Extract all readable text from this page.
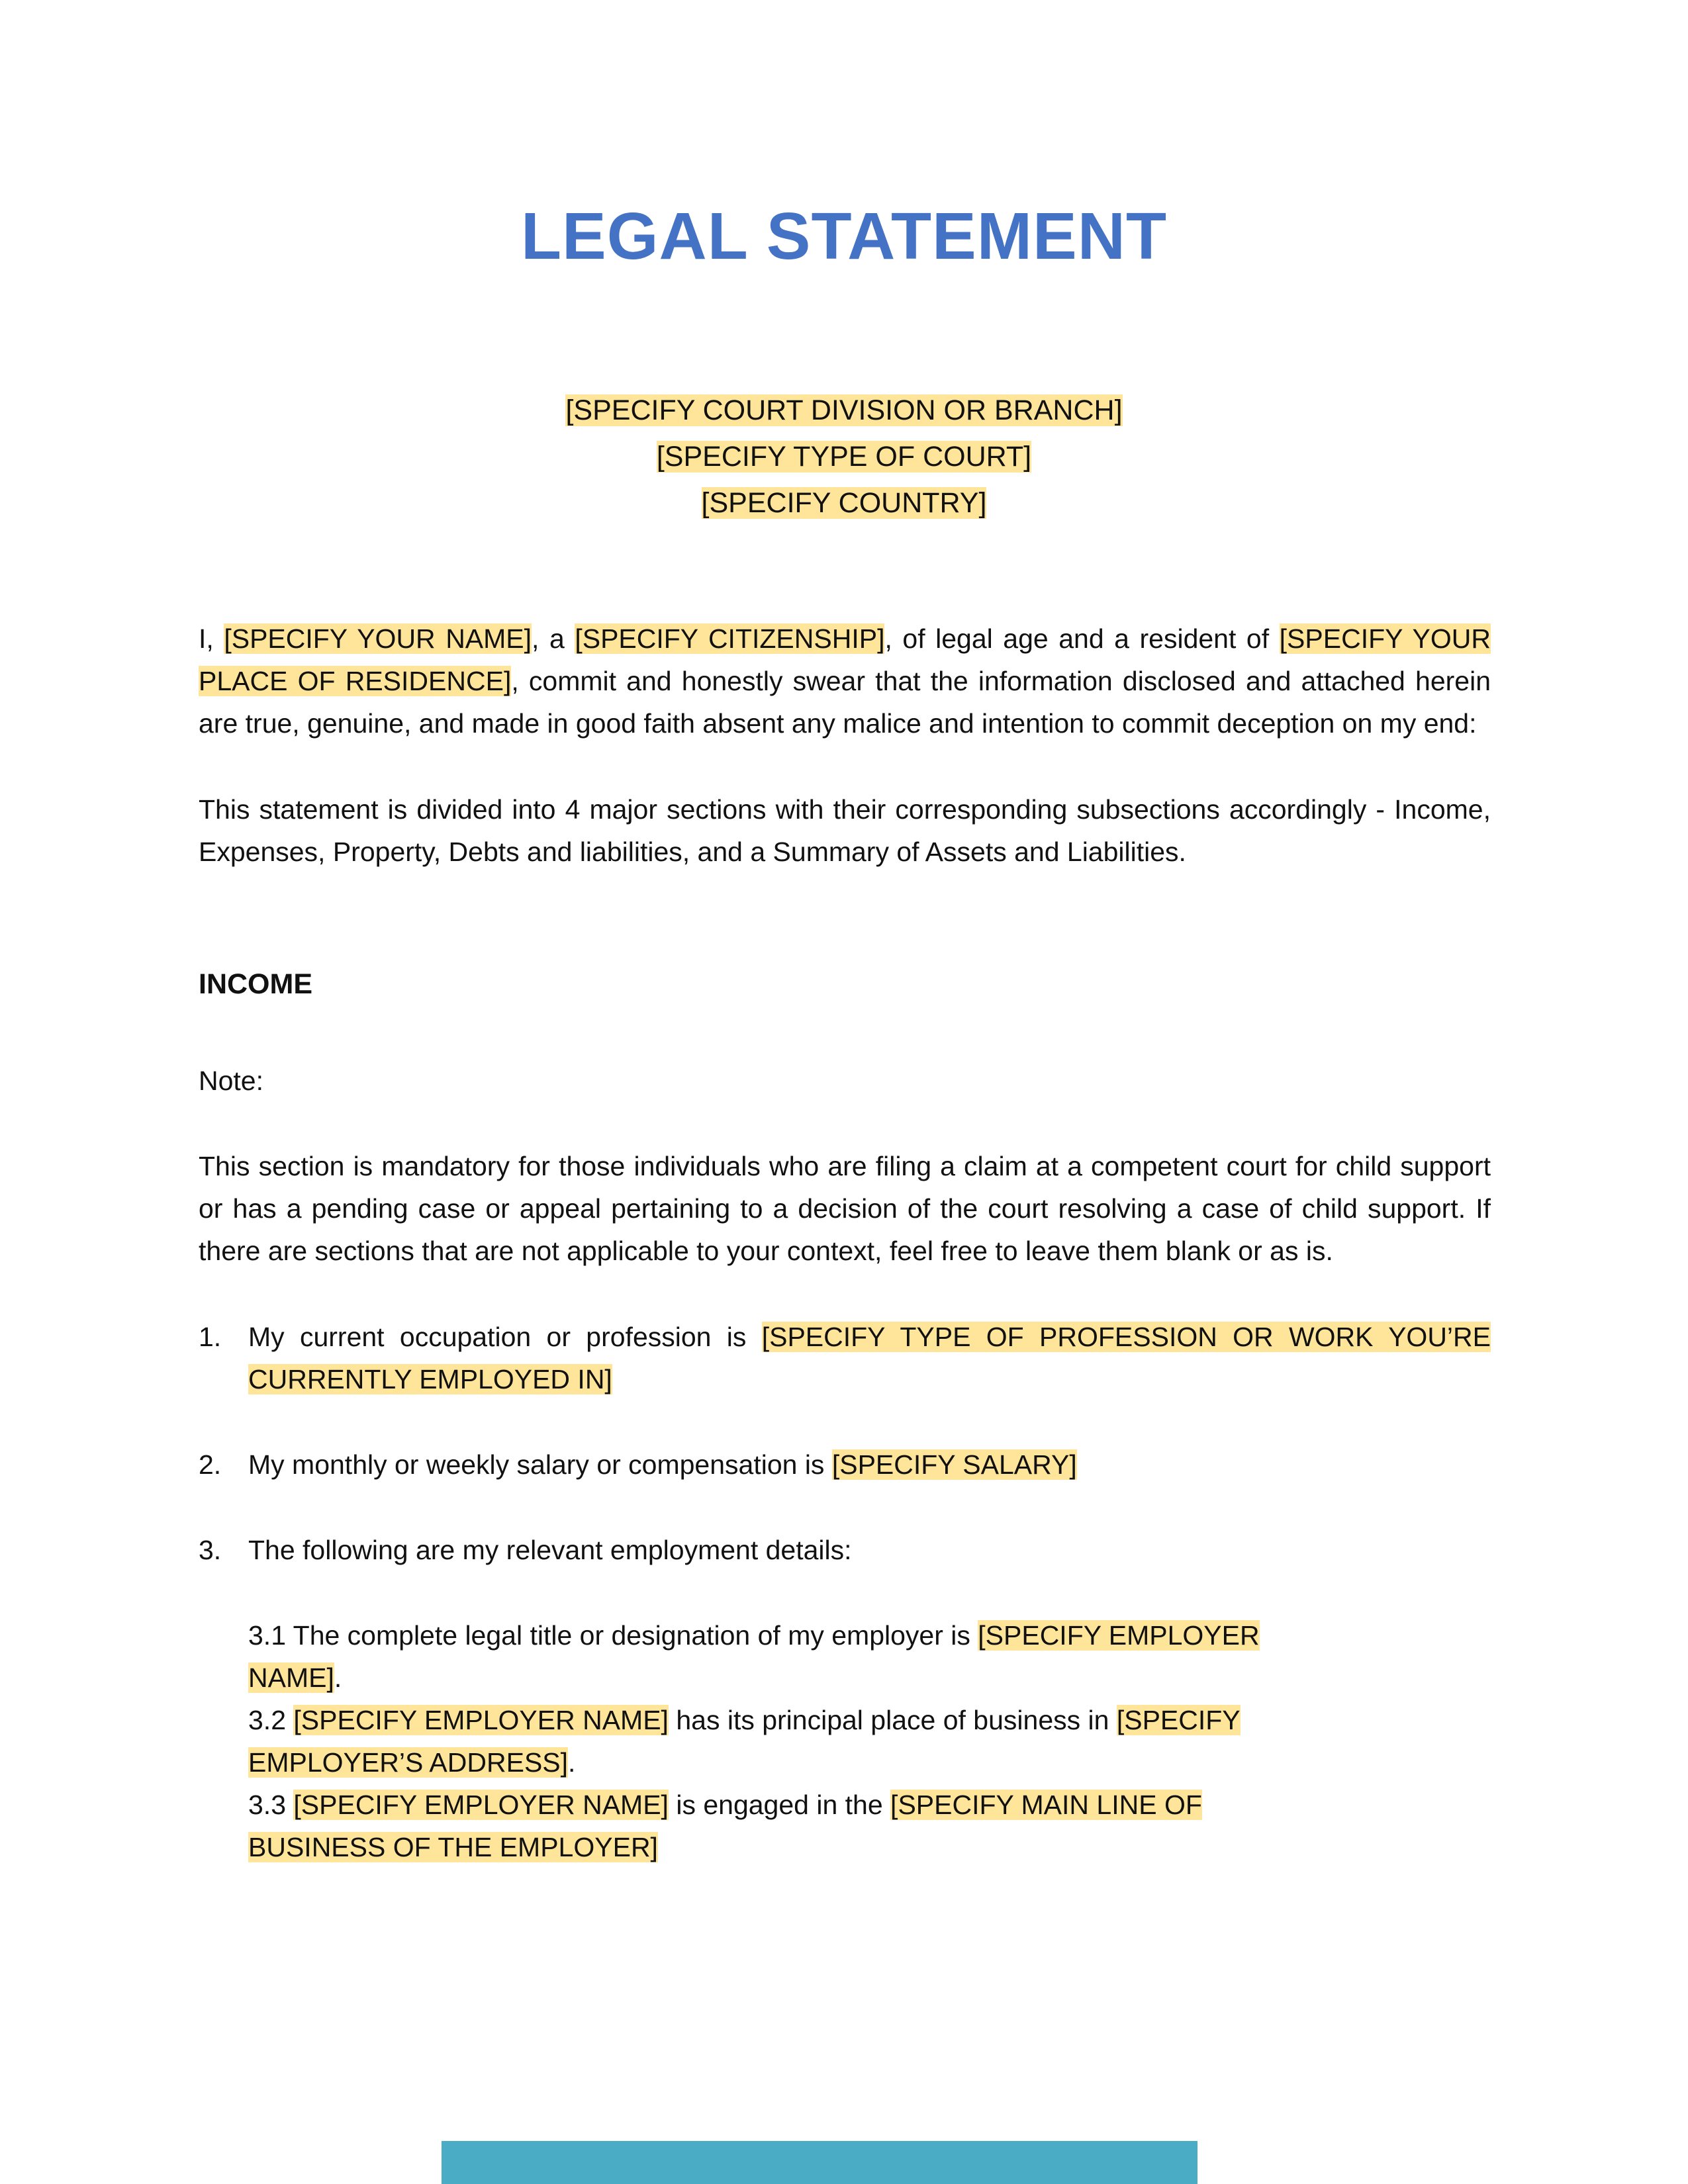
LEGAL STATEMENT
[SPECIFY COURT DIVISION OR BRANCH]
[SPECIFY TYPE OF COURT]
[SPECIFY COUNTRY]
I, [SPECIFY YOUR NAME], a [SPECIFY CITIZENSHIP], of legal age and a resident of [SPECIFY YOUR PLACE OF RESIDENCE], commit and honestly swear that the information disclosed and attached herein are true, genuine, and made in good faith absent any malice and intention to commit deception on my end:
This statement is divided into 4 major sections with their corresponding subsections accordingly - Income, Expenses, Property, Debts and liabilities, and a Summary of Assets and Liabilities.
INCOME
Note:
This section is mandatory for those individuals who are filing a claim at a competent court for child support or has a pending case or appeal pertaining to a decision of the court resolving a case of child support. If there are sections that are not applicable to your context, feel free to leave them blank or as is.
1. My current occupation or profession is [SPECIFY TYPE OF PROFESSION OR WORK YOU’RE CURRENTLY EMPLOYED IN]
2. My monthly or weekly salary or compensation is [SPECIFY SALARY]
3. The following are my relevant employment details:
3.1 The complete legal title or designation of my employer is [SPECIFY EMPLOYER NAME].
3.2 [SPECIFY EMPLOYER NAME] has its principal place of business in [SPECIFY EMPLOYER’S ADDRESS].
3.3 [SPECIFY EMPLOYER NAME] is engaged in the [SPECIFY MAIN LINE OF BUSINESS OF THE EMPLOYER]
